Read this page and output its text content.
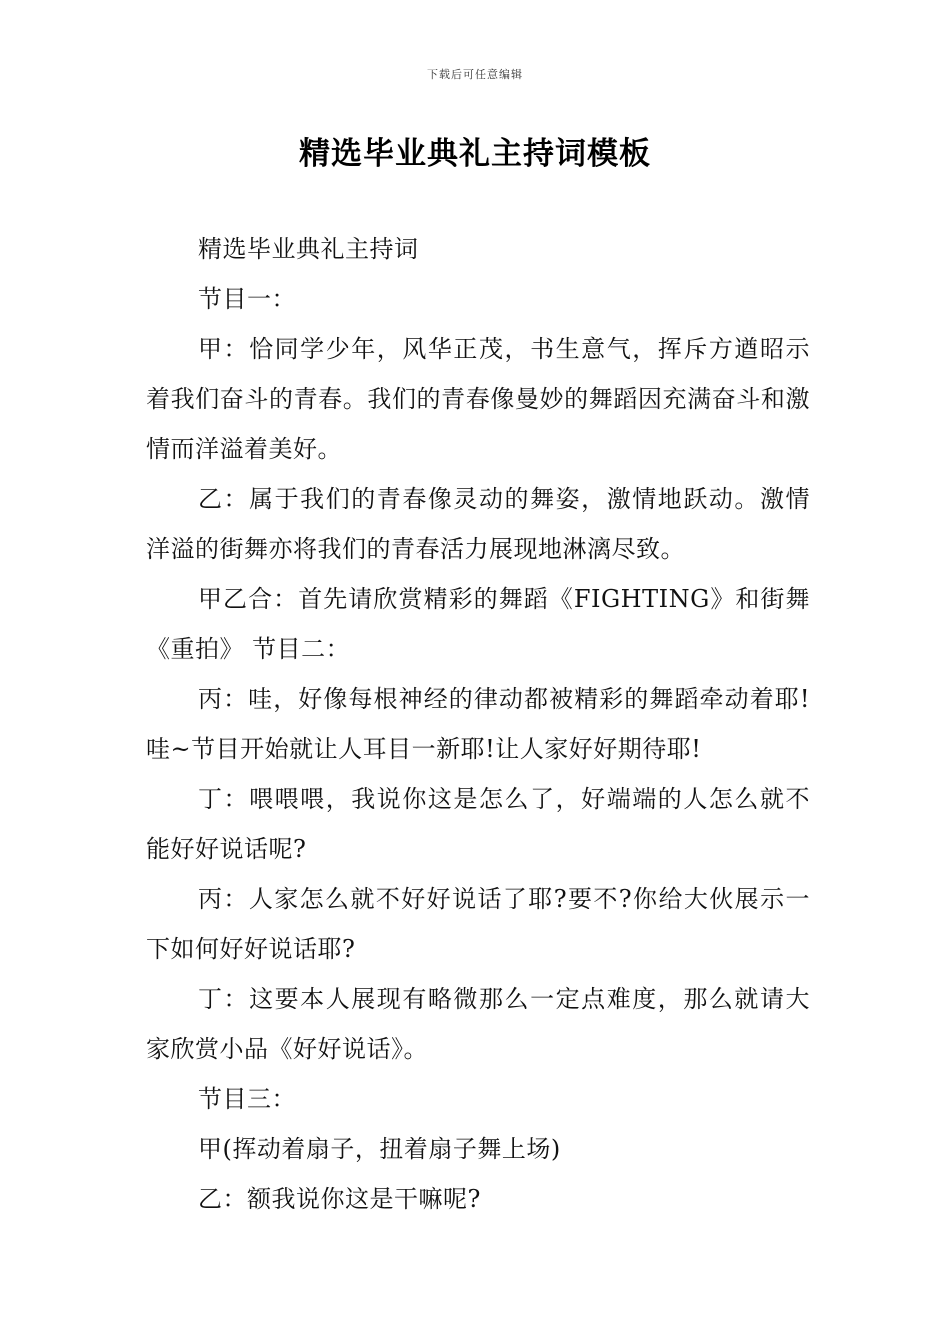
下载后可任意编辑
精选毕业典礼主持词模板

精选毕业典礼主持词

节目一：

甲：恰同学少年，风华正茂，书生意气，挥斥方遒昭示着我们奋斗的青春。我们的青春像曼妙的舞蹈因充满奋斗和激情而洋溢着美好。

乙：属于我们的青春像灵动的舞姿，激情地跃动。激情洋溢的街舞亦将我们的青春活力展现地淋漓尽致。

甲乙合：首先请欣赏精彩的舞蹈《FIGHTING》和街舞《重拍》 节目二：

丙：哇，好像每根神经的律动都被精彩的舞蹈牵动着耶!哇~节目开始就让人耳目一新耶!让人家好好期待耶!

丁：喂喂喂，我说你这是怎么了，好端端的人怎么就不能好好说话呢?

丙：人家怎么就不好好说话了耶?要不?你给大伙展示一下如何好好说话耶?

丁：这要本人展现有略微那么一定点难度，那么就请大家欣赏小品《好好说话》。

节目三：

甲(挥动着扇子，扭着扇子舞上场)

乙：额我说你这是干嘛呢?
